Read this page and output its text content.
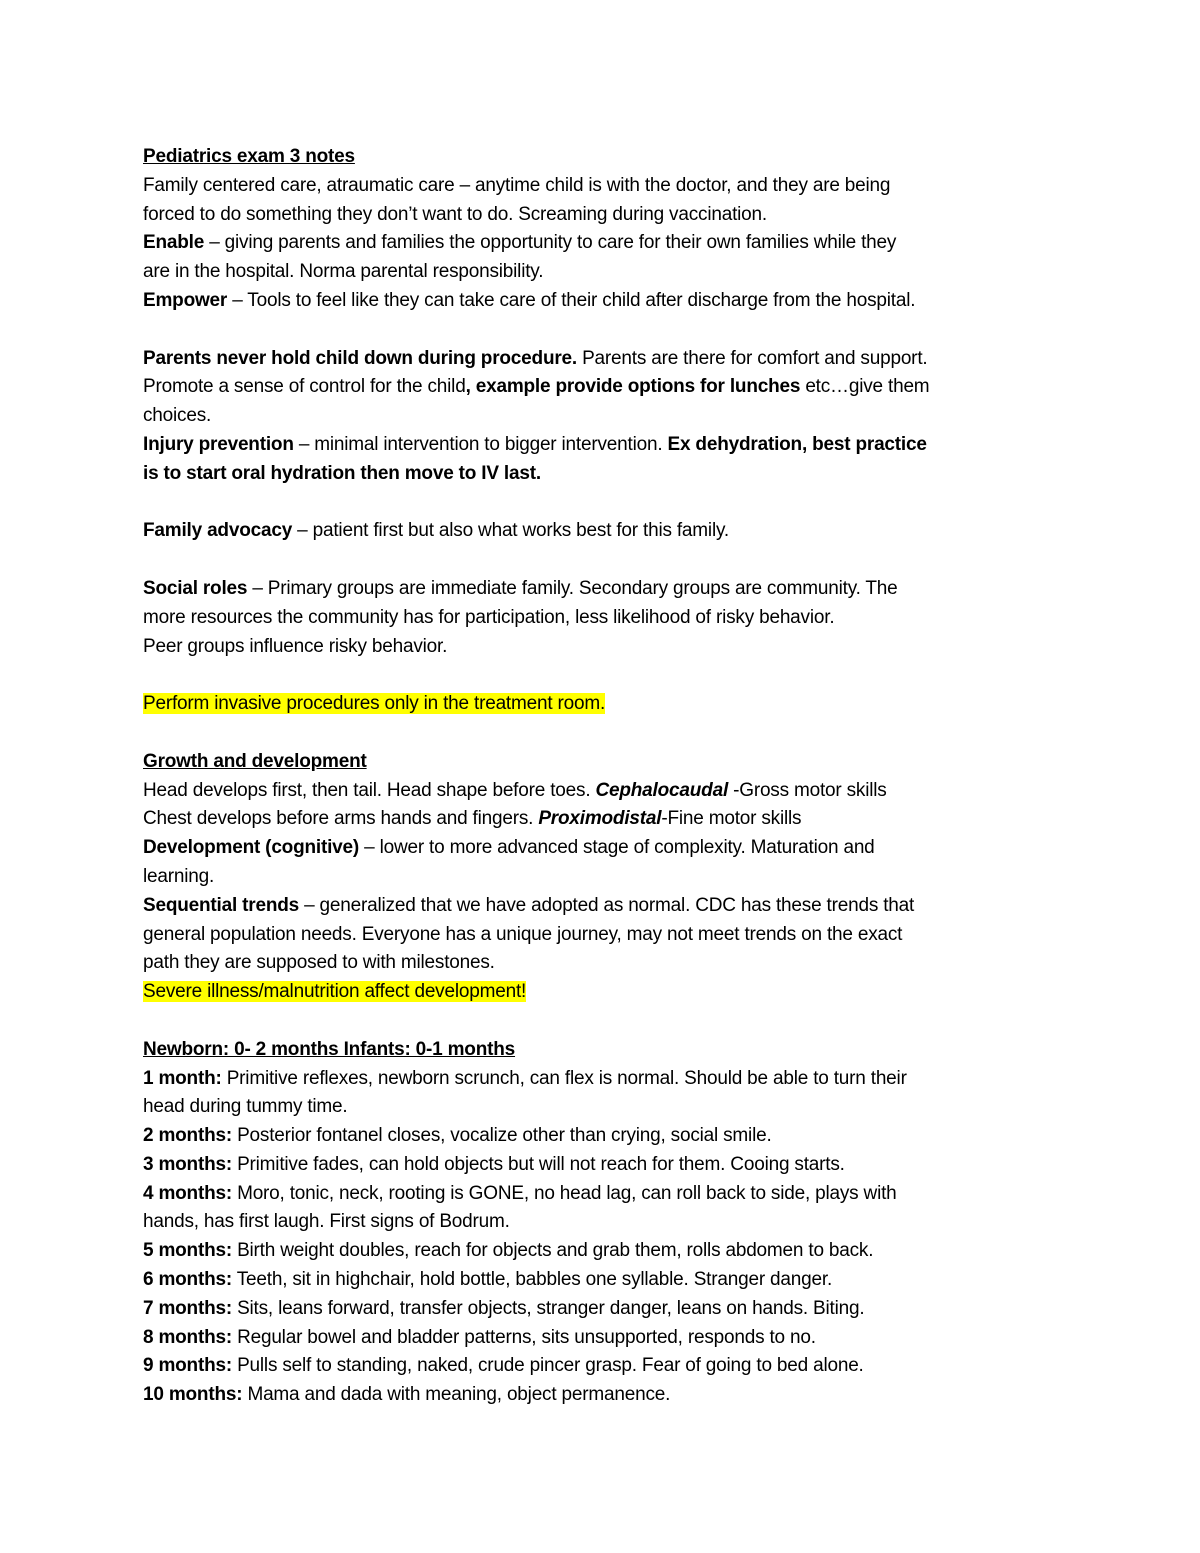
Pediatrics exam 3 notes
Family centered care, atraumatic care – anytime child is with the doctor, and they are being
forced to do something they don’t want to do. Screaming during vaccination.
Enable – giving parents and families the opportunity to care for their own families while they
are in the hospital. Norma parental responsibility.
Empower – Tools to feel like they can take care of their child after discharge from the hospital.
Parents never hold child down during procedure. Parents are there for comfort and support.
Promote a sense of control for the child, example provide options for lunches etc…give them
choices.
Injury prevention – minimal intervention to bigger intervention. Ex dehydration, best practice
is to start oral hydration then move to IV last.
Family advocacy – patient first but also what works best for this family.
Social roles – Primary groups are immediate family. Secondary groups are community. The
more resources the community has for participation, less likelihood of risky behavior.
Peer groups influence risky behavior.
Perform invasive procedures only in the treatment room.
Growth and development
Head develops first, then tail. Head shape before toes. Cephalocaudal -Gross motor skills
Chest develops before arms hands and fingers. Proximodistal-Fine motor skills
Development (cognitive) – lower to more advanced stage of complexity. Maturation and
learning.
Sequential trends – generalized that we have adopted as normal. CDC has these trends that
general population needs. Everyone has a unique journey, may not meet trends on the exact
path they are supposed to with milestones.
Severe illness/malnutrition affect development!
Newborn: 0- 2 months Infants: 0-1 months
1 month: Primitive reflexes, newborn scrunch, can flex is normal. Should be able to turn their
head during tummy time.
2 months: Posterior fontanel closes, vocalize other than crying, social smile.
3 months: Primitive fades, can hold objects but will not reach for them. Cooing starts.
4 months: Moro, tonic, neck, rooting is GONE, no head lag, can roll back to side, plays with
hands, has first laugh. First signs of Bodrum.
5 months: Birth weight doubles, reach for objects and grab them, rolls abdomen to back.
6 months: Teeth, sit in highchair, hold bottle, babbles one syllable. Stranger danger.
7 months: Sits, leans forward, transfer objects, stranger danger, leans on hands. Biting.
8 months: Regular bowel and bladder patterns, sits unsupported, responds to no.
9 months: Pulls self to standing, naked, crude pincer grasp. Fear of going to bed alone.
10 months: Mama and dada with meaning, object permanence.
